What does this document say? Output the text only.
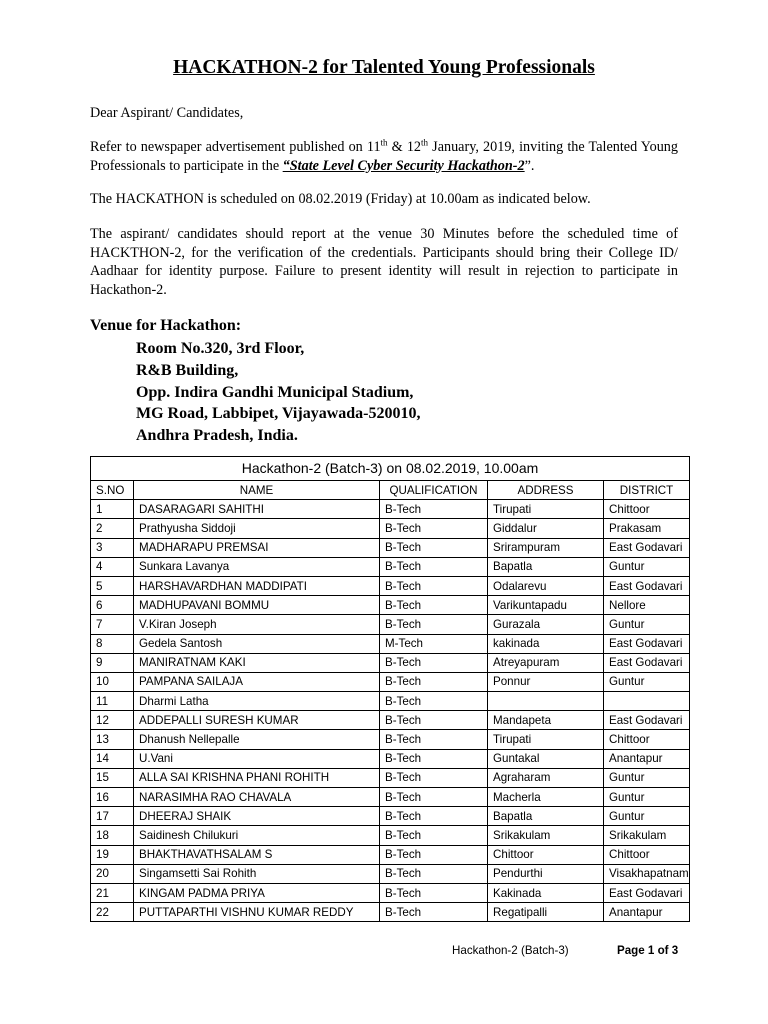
HACKATHON-2 for Talented Young Professionals
Dear Aspirant/ Candidates,
Refer to newspaper advertisement published on 11th & 12th January, 2019, inviting the Talented Young Professionals to participate in the “State Level Cyber Security Hackathon-2”.
The HACKATHON is scheduled on 08.02.2019 (Friday) at 10.00am as indicated below.
The aspirant/ candidates should report at the venue 30 Minutes before the scheduled time of HACKTHON-2, for the verification of the credentials. Participants should bring their College ID/ Aadhaar for identity purpose. Failure to present identity will result in rejection to participate in Hackathon-2.
Venue for Hackathon:
Room No.320, 3rd Floor,
R&B Building,
Opp. Indira Gandhi Municipal Stadium,
MG Road, Labbipet, Vijayawada-520010,
Andhra Pradesh, India.
Hackathon-2 (Batch-3) on 08.02.2019, 10.00am				
S.NO	NAME	QUALIFICATION	ADDRESS	DISTRICT
1	DASARAGARI SAHITHI	B-Tech	Tirupati	Chittoor
2	Prathyusha Siddoji	B-Tech	Giddalur	Prakasam
3	MADHARAPU PREMSAI	B-Tech	Srirampuram	East Godavari
4	Sunkara Lavanya	B-Tech	Bapatla	Guntur
5	HARSHAVARDHAN MADDIPATI	B-Tech	Odalarevu	East Godavari
6	MADHUPAVANI BOMMU	B-Tech	Varikuntapadu	Nellore
7	V.Kiran Joseph	B-Tech	Gurazala	Guntur
8	Gedela Santosh	M-Tech	kakinada	East Godavari
9	MANIRATNAM KAKI	B-Tech	Atreyapuram	East Godavari
10	PAMPANA SAILAJA	B-Tech	Ponnur	Guntur
11	Dharmi Latha	B-Tech		
12	ADDEPALLI SURESH KUMAR	B-Tech	Mandapeta	East Godavari
13	Dhanush Nellepalle	B-Tech	Tirupati	Chittoor
14	U.Vani	B-Tech	Guntakal	Anantapur
15	ALLA SAI KRISHNA PHANI ROHITH	B-Tech	Agraharam	Guntur
16	NARASIMHA RAO CHAVALA	B-Tech	Macherla	Guntur
17	DHEERAJ SHAIK	B-Tech	Bapatla	Guntur
18	Saidinesh Chilukuri	B-Tech	Srikakulam	Srikakulam
19	BHAKTHAVATHSALAM S	B-Tech	Chittoor	Chittoor
20	Singamsetti Sai Rohith	B-Tech	Pendurthi	Visakhapatnam
21	KINGAM PADMA PRIYA	B-Tech	Kakinada	East Godavari
22	PUTTAPARTHI VISHNU KUMAR REDDY	B-Tech	Regatipalli	Anantapur
Hackathon-2 (Batch-3)	Page 1 of 3
